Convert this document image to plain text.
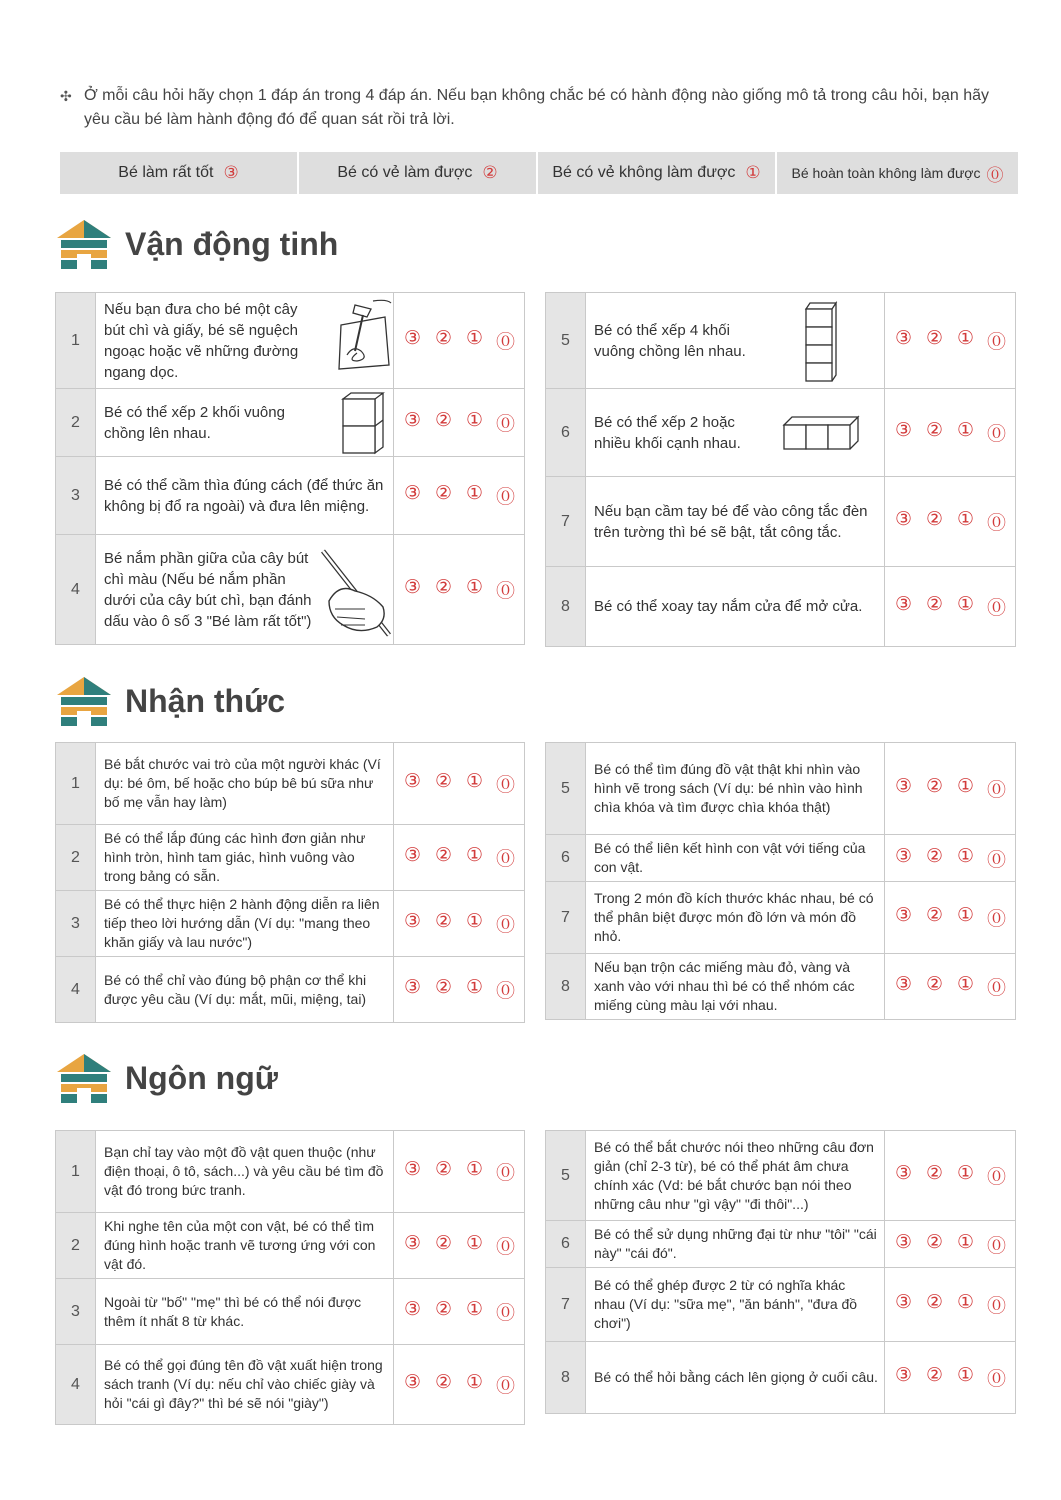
✣ Ở mỗi câu hỏi hãy chọn 1 đáp án trong 4 đáp án. Nếu bạn không chắc bé có hành động nào giống mô tả trong câu hỏi, bạn hãy yêu cầu bé làm hành động đó để quan sát rồi trả lời.
Bé làm rất tốt ③	Bé có vẻ làm được ②	Bé có vẻ không làm được ① Bé hoàn toàn không làm được ⓪
Vận động tinh
1	Nếu bạn đưa cho bé một cây bút chì và giấy, bé sẽ nguệch ngoạc hoặc vẽ những đường ngang dọc.	③ ② ① ⓪

2	Bé có thể xếp 2 khối vuông chồng lên nhau.	③ ② ① ⓪

3	Bé có thể cầm thìa đúng cách (để thức ăn không bị đổ ra ngoài) và đưa lên miệng.	③ ② ① ⓪

4	Bé nắm phần giữa của cây bút chì màu (Nếu bé nắm phần dưới của cây bút chì, bạn đánh dấu vào ô số 3 "Bé làm rất tốt")	③ ② ① ⓪
5	Bé có thể xếp 4 khối vuông chồng lên nhau.	③ ② ① ⓪

6	Bé có thể xếp 2 hoặc nhiều khối cạnh nhau.	③ ② ① ⓪

7	Nếu bạn cầm tay bé để vào công tắc đèn trên tường thì bé sẽ bật, tắt công tắc.	③ ② ① ⓪

8	Bé có thể xoay tay nắm cửa để mở cửa.	③ ② ① ⓪
Nhận thức
1	Bé bắt chước vai trò của một người khác (Ví dụ: bé ôm, bế hoặc cho búp bê bú sữa như bố mẹ vẫn hay làm)	③ ② ① ⓪

2	Bé có thể lắp đúng các hình đơn giản như hình tròn, hình tam giác, hình vuông vào trong bảng có sẵn.	③ ② ① ⓪

3	Bé có thể thực hiện 2 hành động diễn ra liên tiếp theo lời hướng dẫn (Ví dụ: "mang theo khăn giấy và lau nước")	③ ② ① ⓪

4	Bé có thể chỉ vào đúng bộ phận cơ thể khi được yêu cầu (Ví dụ: mắt, mũi, miệng, tai)	③ ② ① ⓪
5	Bé có thể tìm đúng đồ vật thật khi nhìn vào hình vẽ trong sách (Ví dụ: bé nhìn vào hình chìa khóa và tìm được chìa khóa thật)	③ ② ① ⓪

6	Bé có thể liên kết hình con vật với tiếng của con vật.	③ ② ① ⓪

7	Trong 2 món đồ kích thước khác nhau, bé có thể phân biệt được món đồ lớn và món đồ nhỏ.	③ ② ① ⓪

8	Nếu bạn trộn các miếng màu đỏ, vàng và xanh vào với nhau thì bé có thể nhóm các miếng cùng màu lại với nhau.	③ ② ① ⓪
Ngôn ngữ
1	Bạn chỉ tay vào một đồ vật quen thuộc (như điện thoại, ô tô, sách...) và yêu cầu bé tìm đồ vật đó trong bức tranh.	③ ② ① ⓪

2	Khi nghe tên của một con vật, bé có thể tìm đúng hình hoặc tranh vẽ tương ứng với con vật đó.	③ ② ① ⓪

3	Ngoài từ "bố" "mẹ" thì bé có thể nói được thêm ít nhất 8 từ khác.	③ ② ① ⓪

4	Bé có thể gọi đúng tên đồ vật xuất hiện trong sách tranh (Ví dụ: nếu chỉ vào chiếc giày và hỏi "cái gì đây?" thì bé sẽ nói "giày")	③ ② ① ⓪
5	Bé có thể bắt chước nói theo những câu đơn giản (chỉ 2-3 từ), bé có thể phát âm chưa chính xác (Vd: bé bắt chước bạn nói theo những câu như "gì vậy" "đi thôi"...)	③ ② ① ⓪

6	Bé có thể sử dụng những đại từ như "tôi" "cái này" "cái đó".	③ ② ① ⓪

7	Bé có thể ghép được 2 từ có nghĩa khác nhau (Ví dụ: "sữa mẹ", "ăn bánh", "đưa đồ chơi")	③ ② ① ⓪

8	Bé có thể hỏi bằng cách lên giọng ở cuối câu.	③ ② ① ⓪
